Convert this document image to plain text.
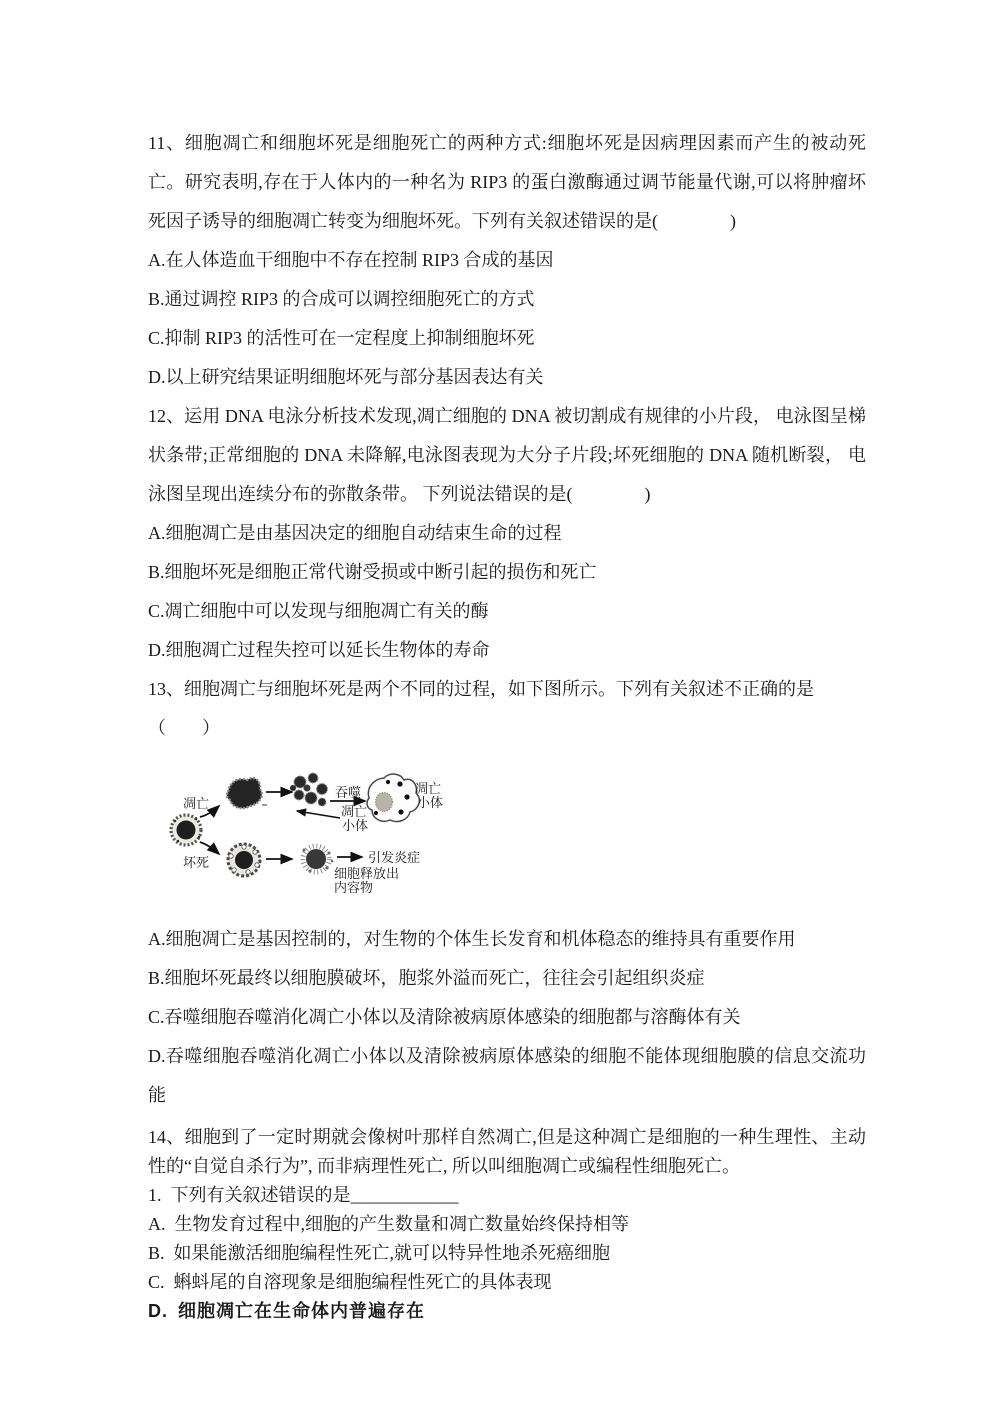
11、细胞凋亡和细胞坏死是细胞死亡的两种方式:细胞坏死是因病理因素而产生的被动死
亡。研究表明,存在于人体内的一种名为 RIP3 的蛋白激酶通过调节能量代谢,可以将肿瘤坏
死因子诱导的细胞凋亡转变为细胞坏死。下列有关叙述错误的是(　　　　)
A.在人体造血干细胞中不存在控制 RIP3 合成的基因
B.通过调控 RIP3 的合成可以调控细胞死亡的方式
C.抑制 RIP3 的活性可在一定程度上抑制细胞坏死
D.以上研究结果证明细胞坏死与部分基因表达有关
12、运用 DNA 电泳分析技术发现,凋亡细胞的 DNA 被切割成有规律的小片段， 电泳图呈梯
状条带;正常细胞的 DNA 未降解,电泳图表现为大分子片段;坏死细胞的 DNA 随机断裂， 电
泳图呈现出连续分布的弥散条带。 下列说法错误的是(　　　　)
A.细胞凋亡是由基因决定的细胞自动结束生命的过程
B.细胞坏死是细胞正常代谢受损或中断引起的损伤和死亡
C.凋亡细胞中可以发现与细胞凋亡有关的酶
D.细胞凋亡过程失控可以延长生物体的寿命
13、细胞凋亡与细胞坏死是两个不同的过程，如下图所示。下列有关叙述不正确的是
（　　）
凋亡
坏死
吞噬
凋亡
小体
凋亡
小体
引发炎症
细胞释放出
内容物
A.细胞凋亡是基因控制的，对生物的个体生长发育和机体稳态的维持具有重要作用
B.细胞坏死最终以细胞膜破坏，胞浆外溢而死亡，往往会引起组织炎症
C.吞噬细胞吞噬消化凋亡小体以及清除被病原体感染的细胞都与溶酶体有关
D.吞噬细胞吞噬消化凋亡小体以及清除被病原体感染的细胞不能体现细胞膜的信息交流功
能
14、细胞到了一定时期就会像树叶那样自然凋亡,但是这种凋亡是细胞的一种生理性、主动
性的“自觉自杀行为”, 而非病理性死亡, 所以叫细胞凋亡或编程性细胞死亡。
1. 下列有关叙述错误的是____________
A. 生物发育过程中,细胞的产生数量和凋亡数量始终保持相等
B. 如果能激活细胞编程性死亡,就可以特异性地杀死癌细胞
C. 蝌蚪尾的自溶现象是细胞编程性死亡的具体表现
D. 细胞凋亡在生命体内普遍存在
